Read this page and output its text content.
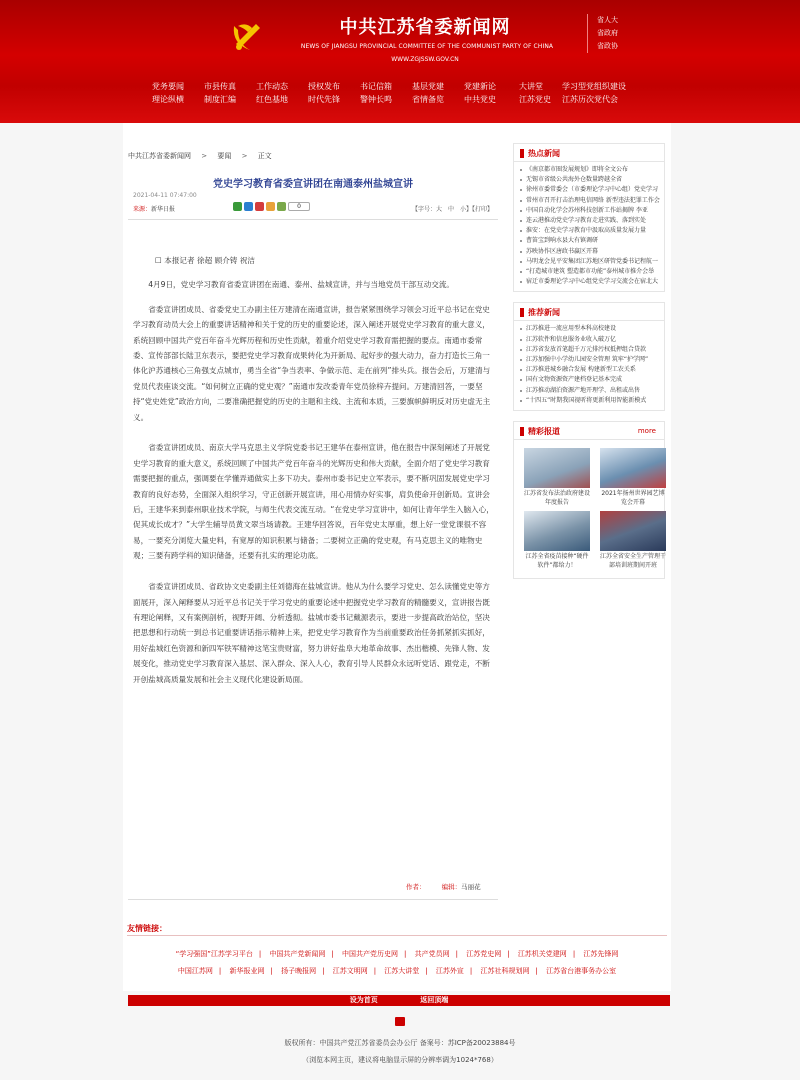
中共江苏省委新闻网
NEWS OF JIANGSU PROVINCIAL COMMITTEE OF THE COMMUNIST PARTY OF CHINA
WWW.ZGJSSW.GOV.CN
省人大
省政府
省政协
党务要闻	市县传真	工作动态	授权发布	书记信箱	基层党建	党建新论	大讲堂	学习型党组织建设
理论纵横	制度汇编	红色基地	时代先锋	警钟长鸣	省情备览	中共党史	江苏党史	江苏历次党代会
中共江苏省委新闻网 > 要闻 > 正文
党史学习教育省委宣讲团在南通泰州盐城宣讲
2021-04-11 07:47:00
来源：新华日报	0	【字号：大　中　小】【打印】

☐ 本报记者 徐超 顾介铸 祝洁

4月9日，党史学习教育省委宣讲团在南通、泰州、盐城宣讲，并与当地党员干部互动交流。

省委宣讲团成员、省委党史工办副主任万建清在南通宣讲，报告紧紧围绕学习领会习近平总书记在党史学习教育动员大会上的重要讲话精神和关于党的历史的重要论述，深入阐述开展党史学习教育的重大意义，系统回顾中国共产党百年奋斗光辉历程和历史性贡献，着重介绍党史学习教育需把握的要点。南通市委常委、宣传部部长陆卫东表示，要把党史学习教育成果转化为开新局、起好步的强大动力，奋力打造长三角一体化沪苏通核心三角强支点城市，勇当全省“争当表率、争做示范、走在前列”排头兵。报告会后，万建清与党员代表座谈交流。“如何树立正确的党史观？”南通市发改委青年党员徐梓卉提问。万建清回答，一要坚持“党史姓党”政治方向，二要准确把握党的历史的主题和主线、主流和本质，三要旗帜鲜明反对历史虚无主义。

省委宣讲团成员、南京大学马克思主义学院党委书记王建华在泰州宣讲，他在报告中深刻阐述了开展党史学习教育的重大意义，系统回顾了中国共产党百年奋斗的光辉历史和伟大贡献，全面介绍了党史学习教育需要把握的重点，强调要在学懂弄通做实上多下功夫。泰州市委书记史立军表示，要不断巩固发展党史学习教育的良好态势，全面深入组织学习，守正创新开展宣讲，用心用情办好实事，肩负使命开创新局。宣讲会后，王建华来到泰州职业技术学院，与师生代表交流互动。“在党史学习宣讲中，如何让青年学生入脑入心，促其成长成才？”大学生辅导员黄文翠当场请教。王建华回答说，百年党史太厚重，想上好一堂党课很不容易，一要充分浏览大量史料，有宽厚的知识积累与储备；二要树立正确的党史观，有马克思主义的唯物史观；三要有跨学科的知识储备，还要有扎实的理论功底。

省委宣讲团成员、省政协文史委副主任刘德海在盐城宣讲。他从为什么要学习党史、怎么读懂党史等方面展开，深入阐释要从习近平总书记关于学习党史的重要论述中把握党史学习教育的精髓要义，宣讲报告既有理论阐释，又有案例剖析，视野开阔、分析透彻。盐城市委书记戴源表示，要进一步提高政治站位，坚决把思想和行动统一到总书记重要讲话指示精神上来，把党史学习教育作为当前重要政治任务抓紧抓实抓好，用好盐城红色资源和新四军铁军精神这笔宝贵财富，努力讲好盐阜大地革命故事、杰出楷模、先锋人物、发展变化，推动党史学习教育深入基层、深入群众、深入人心，教育引导人民群众永远听党话、跟党走，不断开创盐城高质量发展和社会主义现代化建设新局面。

作者： 编辑：马丽花
热点新闻
《南京都市圈发展规划》即将全文公布
无锡市省级公共海外仓数量跨越全省
徐州市委常委会（市委理论学习中心组）党史学习
常州市召开打击治理电信网络 新型违法犯罪工作会
中国自动化学会苏州科技创新工作站揭牌 李亚
连云港推动党史学习教育走进实践、落到实处
淮安：在党史学习教育中汲取高质量发展力量
曹笛宝到响水县大有镇调研
苏映协作区唐政书赢区开幕
马明龙会见平安集团江苏地区研管党委书记程航一
“打造城市建筑 塑造都市功能”泰州城市推介会举
宿迁市委理论学习中心组党史学习交流会在宿北大
推荐新闻
江苏推进一流应用型本科高校建设
江苏软件和信息服务业收入破万亿
江苏省发放首笔超千万元排污权抵押组合贷款
江苏加强中小学幼儿园安全管理 筑牢“护学网”
江苏推进城乡融合发展 构建新型工农关系
国有文物资源资产建档登记基本完成
江苏推动湖泊资源产地开理学、出租或出售
“十四五”时期我国视听将更新利用智能新模式
精彩报道	more
江苏省发布法治政府建设年度报告
2021年扬州世界园艺博览会开幕
江苏全省疫苗接种“硬件软件”都给力！
江苏全省安全生产管理干部培训班期间开班
友情链接：
“学习强国”江苏学习平台 | 中国共产党新闻网 | 中国共产党历史网 | 共产党员网 | 江苏党史网 | 江苏机关党建网 | 江苏先锋网
中国江苏网 | 新华报业网 | 扬子晚报网 | 江苏文明网 | 江苏大讲堂 | 江苏外宣 | 江苏社科规划网 | 江苏省台港事务办公室
设为首页	返回顶端
版权所有：中国共产党江苏省委员会办公厅 备案号：苏ICP备20023884号
（浏览本网主页，建议将电脑显示屏的分辨率调为1024*768）
